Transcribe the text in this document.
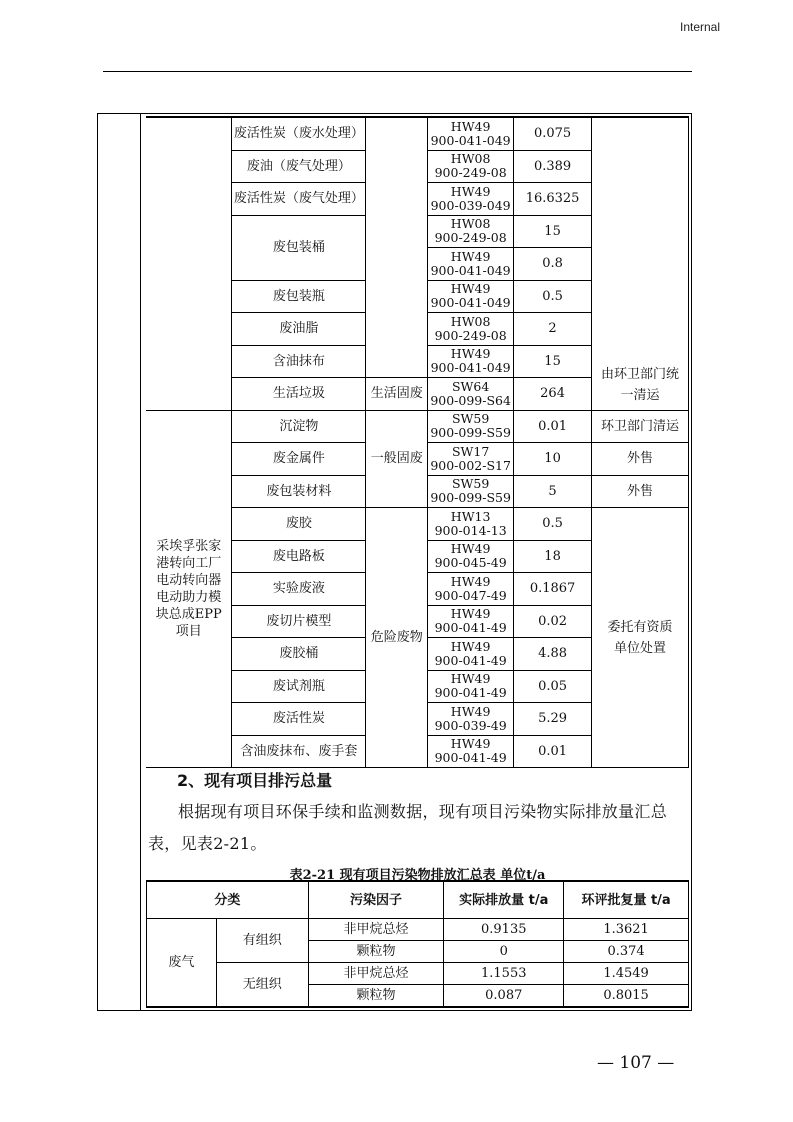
Internal
	废活性炭（废水处理）		HW49
900-041-049	0.075	由环卫部门统一清运
	废油（废气处理）		HW08
900-249-08	0.389	
	废活性炭（废气处理）		HW49
900-039-049	16.6325	
	废包装桶		HW08
900-249-08	15	

			HW49
900-041-049	0.8	
	废包装瓶		HW49
900-041-049	0.5	
	废油脂		HW08
900-249-08	2	
	含油抹布		HW49
900-041-049	15	
	生活垃圾	生活固废	SW64
900-099-S64	264	
采埃孚张家港转向工厂电动转向器电动助力模块总成EPP项目	沉淀物	一般固废	SW59
900-099-S59	0.01	环卫部门清运
	废金属件		SW17
900-002-S17	10	外售
	废包装材料		SW59
900-099-S59	5	外售
	废胶	危险废物	HW13
900-014-13	0.5	委托有资质单位处置
	废电路板		HW49
900-045-49	18	
	实验废液		HW49
900-047-49	0.1867	
	废切片模型		HW49
900-041-49	0.02	
	废胶桶		HW49
900-041-49	4.88	
	废试剂瓶		HW49
900-041-49	0.05	
	废活性炭		HW49
900-039-49	5.29	
	含油废抹布、废手套		HW49
900-041-49	0.01	
2、现有项目排污总量
根据现有项目环保手续和监测数据，现有项目污染物实际排放量汇总表，见表2-21。
表2-21 现有项目污染物排放汇总表 单位t/a
分类		污染因子	实际排放量 t/a	环评批复量 t/a
废气	有组织	非甲烷总烃	0.9135	1.3621
		颗粒物	0	0.374
	无组织	非甲烷总烃	1.1553	1.4549
		颗粒物	0.087	0.8015
— 107 —
